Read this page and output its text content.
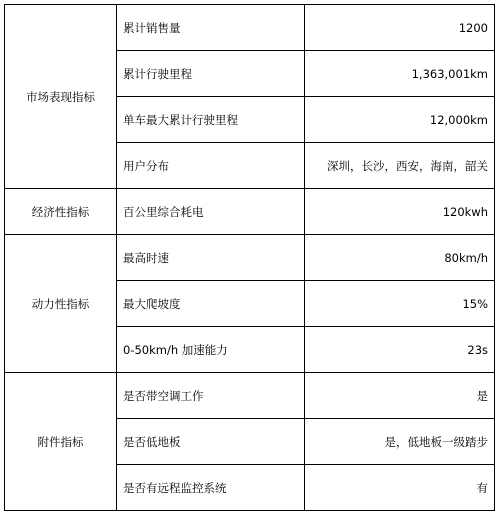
市场表现指标	累计销售量	1200
	累计行驶里程	1,363,001km
	单车最大累计行驶里程	12,000km
	用户分布	深圳，长沙，西安，海南，韶关
经济性指标	百公里综合耗电	120kwh
动力性指标	最高时速	80km/h
	最大爬坡度	15%
	0-50km/h 加速能力	23s
附件指标	是否带空调工作	是
	是否低地板	是，低地板一级踏步
	是否有远程监控系统	有
